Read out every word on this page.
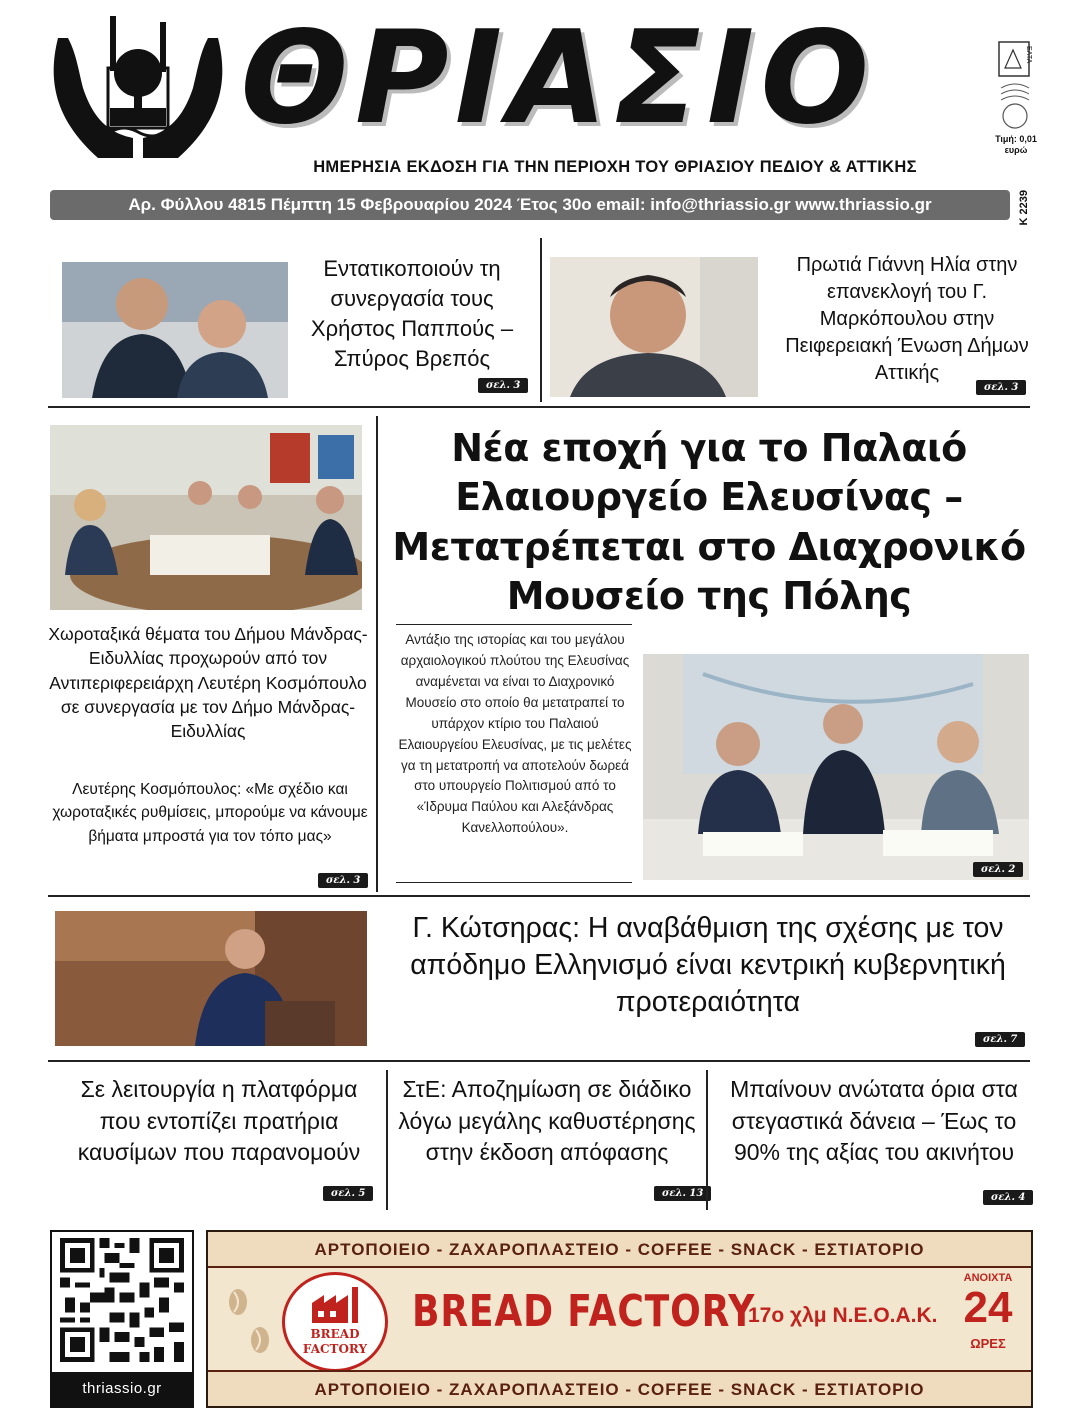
ΘΡΙΑΣΙΟ	ΕΛΤΑ
Τιμή: 0,01 ευρώ
ΗΜΕΡΗΣΙΑ ΕΚΔΟΣΗ ΓΙΑ ΤΗΝ ΠΕΡΙΟΧΗ ΤΟΥ ΘΡΙΑΣΙΟΥ ΠΕΔΙΟΥ & ΑΤΤΙΚΗΣ
Αρ. Φύλλου 4815 Πέμπτη 15 Φεβρουαρίου 2024 Έτος 30ο email: info@thriassio.gr www.thriassio.gr	K 2239
Εντατικοποιούν τη συνεργασία τους Χρήστος Παππούς – Σπύρος Βρεπός
σελ. 3
Πρωτιά Γιάννη Ηλία στην επανεκλογή του Γ. Μαρκόπουλου στην Πειφερειακή Ένωση Δήμων Αττικής
σελ. 3
Χωροταξικά θέματα του Δήμου Μάνδρας-Ειδυλλίας προχωρούν από τον Αντιπεριφερειάρχη Λευτέρη Κοσμόπουλο σε συνεργασία με τον Δήμο Μάνδρας-Ειδυλλίας
Λευτέρης Κοσμόπουλος: «Με σχέδιο και χωροταξικές ρυθμίσεις, μπορούμε να κάνουμε βήματα μπροστά για τον τόπο μας»
σελ. 3
Νέα εποχή για το Παλαιό Ελαιουργείο Ελευσίνας – Μετατρέπεται στο Διαχρονικό Μουσείο της Πόλης
Αντάξιο της ιστορίας και του μεγάλου αρχαιολογικού πλούτου της Ελευσίνας αναμένεται να είναι το Διαχρονικό Μουσείο στο οποίο θα μετατραπεί το υπάρχον κτίριο του Παλαιού Ελαιουργείου Ελευσίνας, με τις μελέτες γα τη μετατροπή να αποτελούν δωρεά στο υπουργείο Πολιτισμού από το «Ίδρυμα Παύλου και Αλεξάνδρας Κανελλοπούλου».
σελ. 2
Γ. Κώτσηρας: Η αναβάθμιση της σχέσης με τον απόδημο Ελληνισμό είναι κεντρική κυβερνητική προτεραιότητα
σελ. 7
Σε λειτουργία η πλατφόρμα που εντοπίζει πρατήρια καυσίμων που παρανομούν
σελ. 5
ΣτΕ: Αποζημίωση σε διάδικο λόγω μεγάλης καθυστέρησης στην έκδοση απόφασης
σελ. 13
Μπαίνουν ανώτατα όρια στα στεγαστικά δάνεια – Έως το 90% της αξίας του ακινήτου
σελ. 4
thriassio.gr
ΑΡΤΟΠΟΙΕΙΟ - ΖΑΧΑΡΟΠΛΑΣΤΕΙΟ - COFFEE - SNACK - ΕΣΤΙΑΤΟΡΙΟ
BREAD
FACTORY
BREAD FACTORY
17ο χλμ Ν.Ε.Ο.Α.Κ.
ΑΝΟΙΧΤΑ
24
ΩΡΕΣ
ΑΡΤΟΠΟΙΕΙΟ - ΖΑΧΑΡΟΠΛΑΣΤΕΙΟ - COFFEE - SNACK - ΕΣΤΙΑΤΟΡΙΟ
